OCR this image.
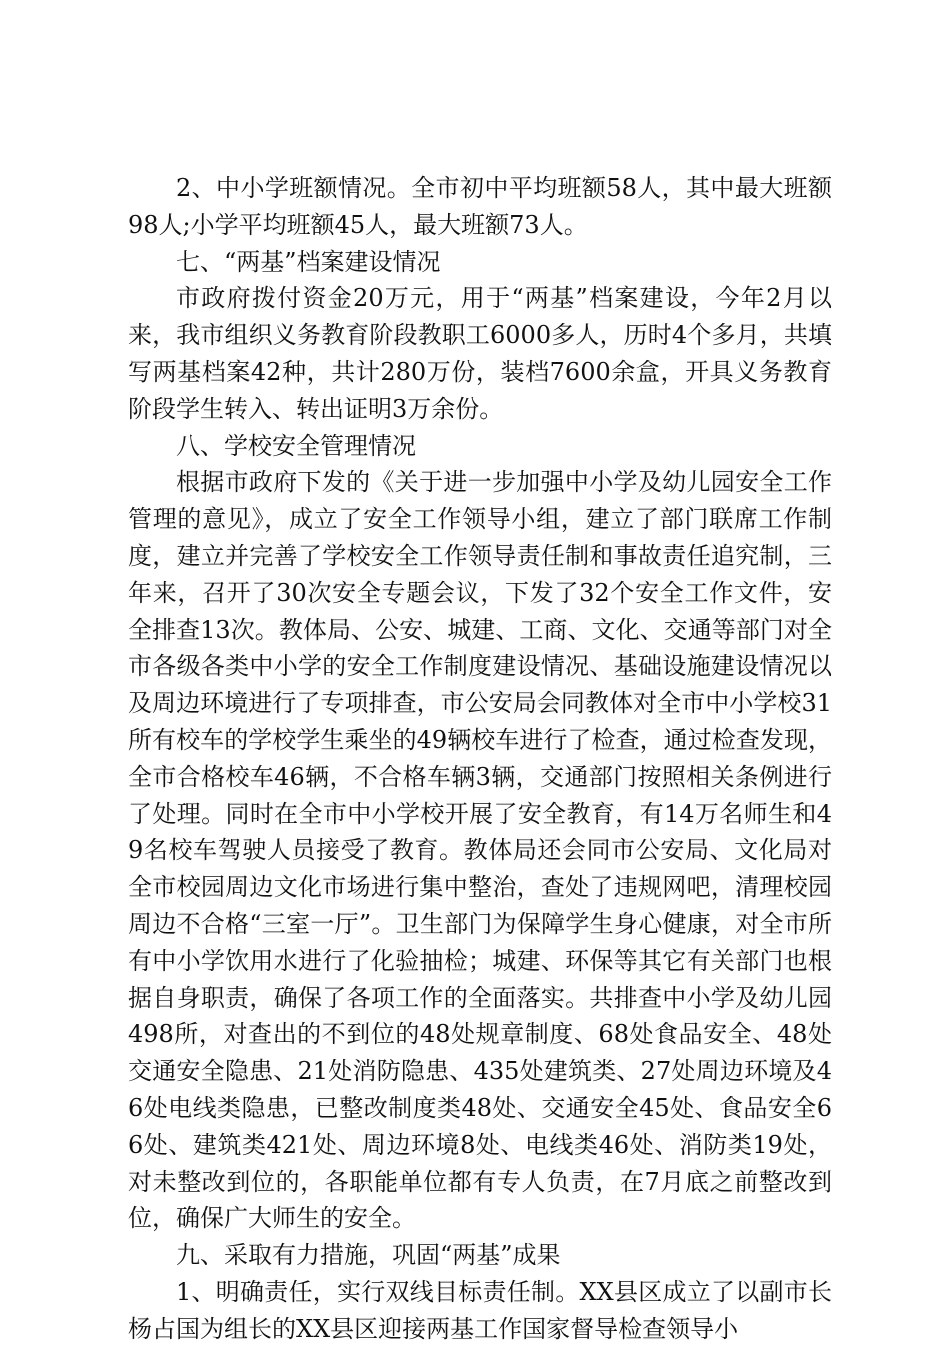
2、中小学班额情况。全市初中平均班额58人，其中最大班额98人;小学平均班额45人，最大班额73人。

七、“两基”档案建设情况

市政府拨付资金20万元，用于“两基”档案建设，今年2月以来，我市组织义务教育阶段教职工6000多人，历时4个多月，共填写两基档案42种，共计280万份，装档7600余盒，开具义务教育阶段学生转入、转出证明3万余份。

八、学校安全管理情况

根据市政府下发的《关于进一步加强中小学及幼儿园安全工作管理的意见》，成立了安全工作领导小组，建立了部门联席工作制度，建立并完善了学校安全工作领导责任制和事故责任追究制，三年来，召开了30次安全专题会议，下发了32个安全工作文件，安全排查13次。教体局、公安、城建、工商、文化、交通等部门对全市各级各类中小学的安全工作制度建设情况、基础设施建设情况以及周边环境进行了专项排查，市公安局会同教体对全市中小学校31所有校车的学校学生乘坐的49辆校车进行了检查，通过检查发现，全市合格校车46辆，不合格车辆3辆，交通部门按照相关条例进行了处理。同时在全市中小学校开展了安全教育，有14万名师生和49名校车驾驶人员接受了教育。教体局还会同市公安局、文化局对全市校园周边文化市场进行集中整治，查处了违规网吧，清理校园周边不合格“三室一厅”。卫生部门为保障学生身心健康，对全市所有中小学饮用水进行了化验抽检；城建、环保等其它有关部门也根据自身职责，确保了各项工作的全面落实。共排查中小学及幼儿园498所，对查出的不到位的48处规章制度、68处食品安全、48处交通安全隐患、21处消防隐患、435处建筑类、27处周边环境及46处电线类隐患，已整改制度类48处、交通安全45处、食品安全66处、建筑类421处、周边环境8处、电线类46处、消防类19处，对未整改到位的，各职能单位都有专人负责，在7月底之前整改到位，确保广大师生的安全。

九、采取有力措施，巩固“两基”成果

1、明确责任，实行双线目标责任制。XX县区成立了以副市长杨占国为组长的XX县区迎接两基工作国家督导检查领导小
